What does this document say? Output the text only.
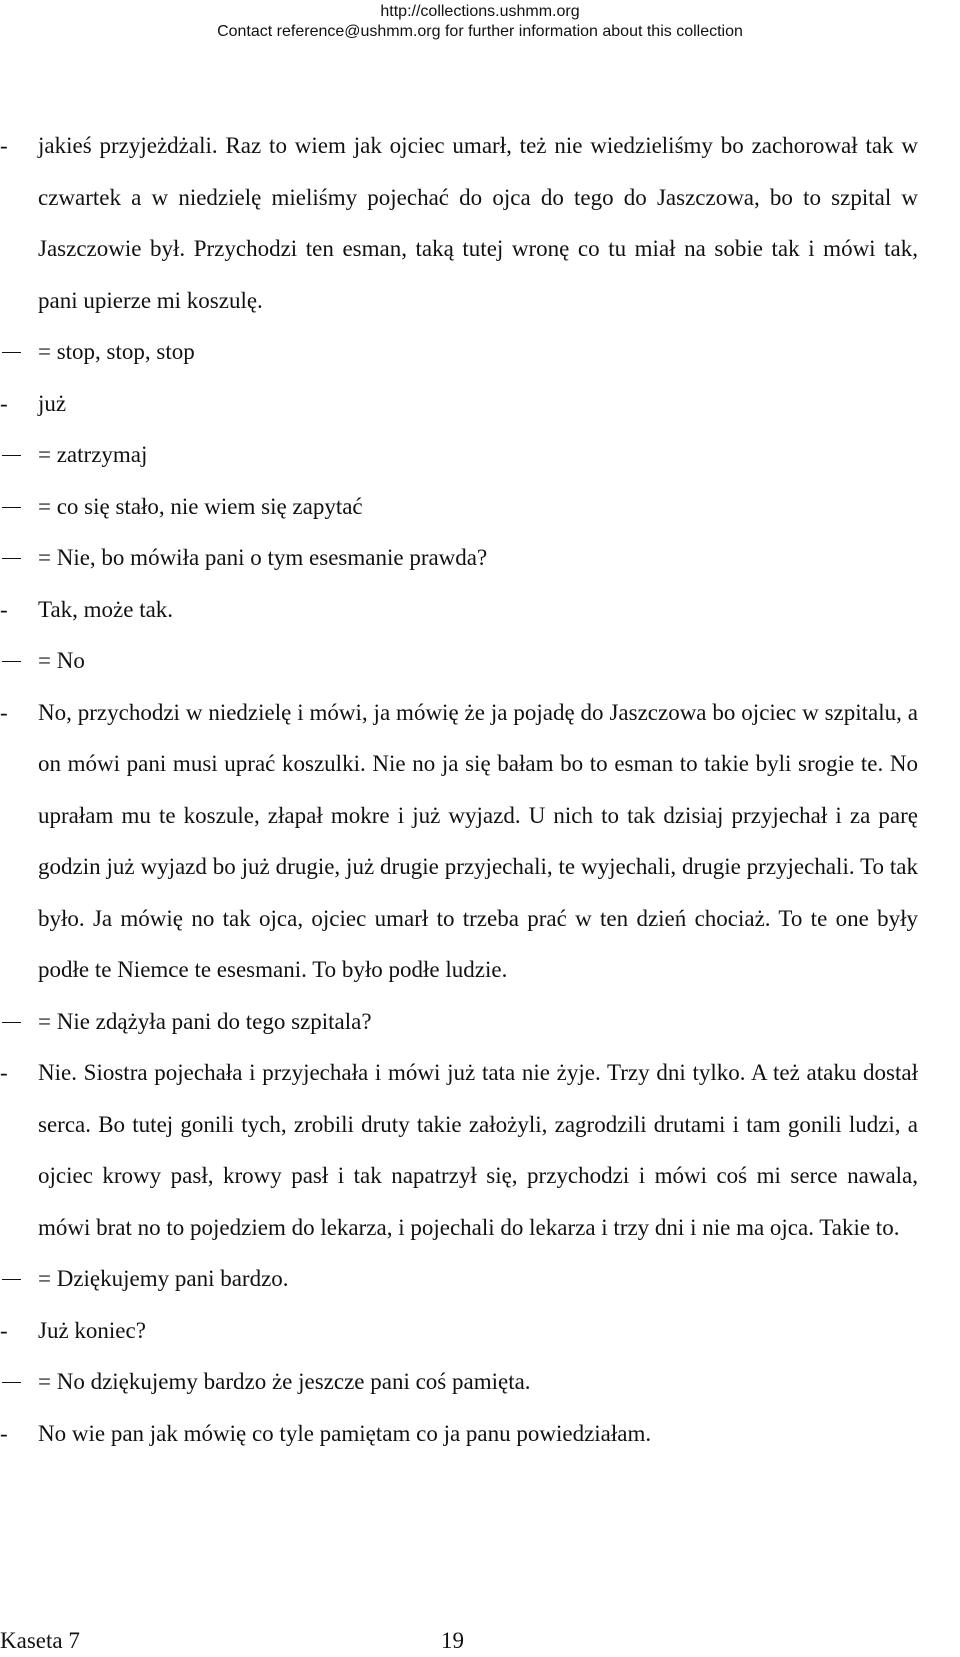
http://collections.ushmm.org
Contact reference@ushmm.org for further information about this collection
- jakieś przyjeżdżali. Raz to wiem jak ojciec umarł, też nie wiedzieliśmy bo zachorował tak w czwartek a w niedzielę mieliśmy pojechać do ojca do tego do Jaszczowa, bo to szpital w Jaszczowie był. Przychodzi ten esman, taką tutej wronę co tu miał na sobie tak i mówi tak, pani upierze mi koszulę.
= stop, stop, stop
- już
= zatrzymaj
= co się stało, nie wiem się zapytać
= Nie, bo mówiła pani o tym esesmanie prawda?
- Tak, może tak.
= No
- No, przychodzi w niedzielę i mówi, ja mówię że ja pojadę do Jaszczowa bo ojciec w szpitalu, a on mówi pani musi uprać koszulki. Nie no ja się bałam bo to esman to takie byli srogie te. No uprałam mu te koszule, złapał mokre i już wyjazd. U nich to tak dzisiaj przyjechał i za parę godzin już wyjazd bo już drugie, już drugie przyjechali, te wyjechali, drugie przyjechali. To tak było. Ja mówię no tak ojca, ojciec umarł to trzeba prać w ten dzień chociaż. To te one były podłe te Niemce te esesmani. To było podłe ludzie.
= Nie zdążyła pani do tego szpitala?
- Nie. Siostra pojechała i przyjechała i mówi już tata nie żyje. Trzy dni tylko. A też ataku dostał serca. Bo tutej gonili tych, zrobili druty takie założyli, zagrodzili drutami i tam gonili ludzi, a ojciec krowy pasł, krowy pasł i tak napatrzył się, przychodzi i mówi coś mi serce nawala, mówi brat no to pojedziem do lekarza, i pojechali do lekarza i trzy dni i nie ma ojca. Takie to.
= Dziękujemy pani bardzo.
- Już koniec?
= No dziękujemy bardzo że jeszcze pani coś pamięta.
- No wie pan jak mówię co tyle pamiętam co ja panu powiedziałam.
Kaseta 7	19
